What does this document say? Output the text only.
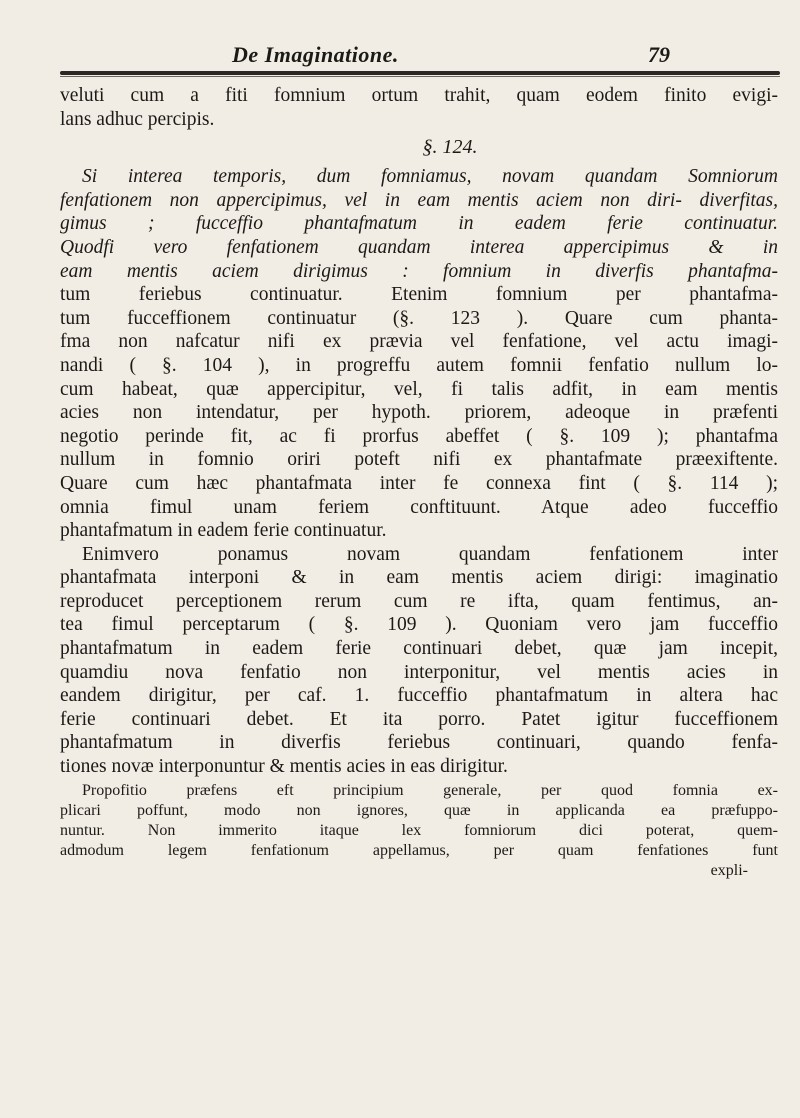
De Imaginatione.	79
veluti cum a fiti fomnium ortum trahit, quam eodem finito evigi-
lans adhuc percipis.
§. 124.
Si interea temporis, dum fomniamus, novam quandam Somniorum
fenfationem non appercipimus, vel in eam mentis aciem non diri- diverfitas,
gimus ; fucceffio phantafmatum in eadem ferie continuatur.
Quodfi vero fenfationem quandam interea appercipimus & in
eam mentis aciem dirigimus : fomnium in diverfis phantafma-
tum feriebus continuatur. Etenim fomnium per phantafma-
tum fucceffionem continuatur (§. 123 ). Quare cum phanta-
fma non nafcatur nifi ex prævia vel fenfatione, vel actu imagi-
nandi ( §. 104 ), in progreffu autem fomnii fenfatio nullum lo-
cum habeat, quæ appercipitur, vel, fi talis adfit, in eam mentis
acies non intendatur, per hypoth. priorem, adeoque in præfenti
negotio perinde fit, ac fi prorfus abeffet ( §. 109 ); phantafma
nullum in fomnio oriri poteft nifi ex phantafmate præexiftente.
Quare cum hæc phantafmata inter fe connexa fint ( §. 114 );
omnia fimul unam feriem conftituunt. Atque adeo fucceffio
phantafmatum in eadem ferie continuatur.
Enimvero ponamus novam quandam fenfationem inter
phantafmata interponi & in eam mentis aciem dirigi: imaginatio
reproducet perceptionem rerum cum re ifta, quam fentimus, an-
tea fimul perceptarum ( §. 109 ). Quoniam vero jam fucceffio
phantafmatum in eadem ferie continuari debet, quæ jam incepit,
quamdiu nova fenfatio non interponitur, vel mentis acies in
eandem dirigitur, per caf. 1. fucceffio phantafmatum in altera hac
ferie continuari debet. Et ita porro. Patet igitur fucceffionem
phantafmatum in diverfis feriebus continuari, quando fenfa-
tiones novæ interponuntur & mentis acies in eas dirigitur.
Propofitio præfens eft principium generale, per quod fomnia ex-
plicari poffunt, modo non ignores, quæ in applicanda ea præfuppo-
nuntur. Non immerito itaque lex fomniorum dici poterat, quem-
admodum legem fenfationum appellamus, per quam fenfationes funt
expli-
